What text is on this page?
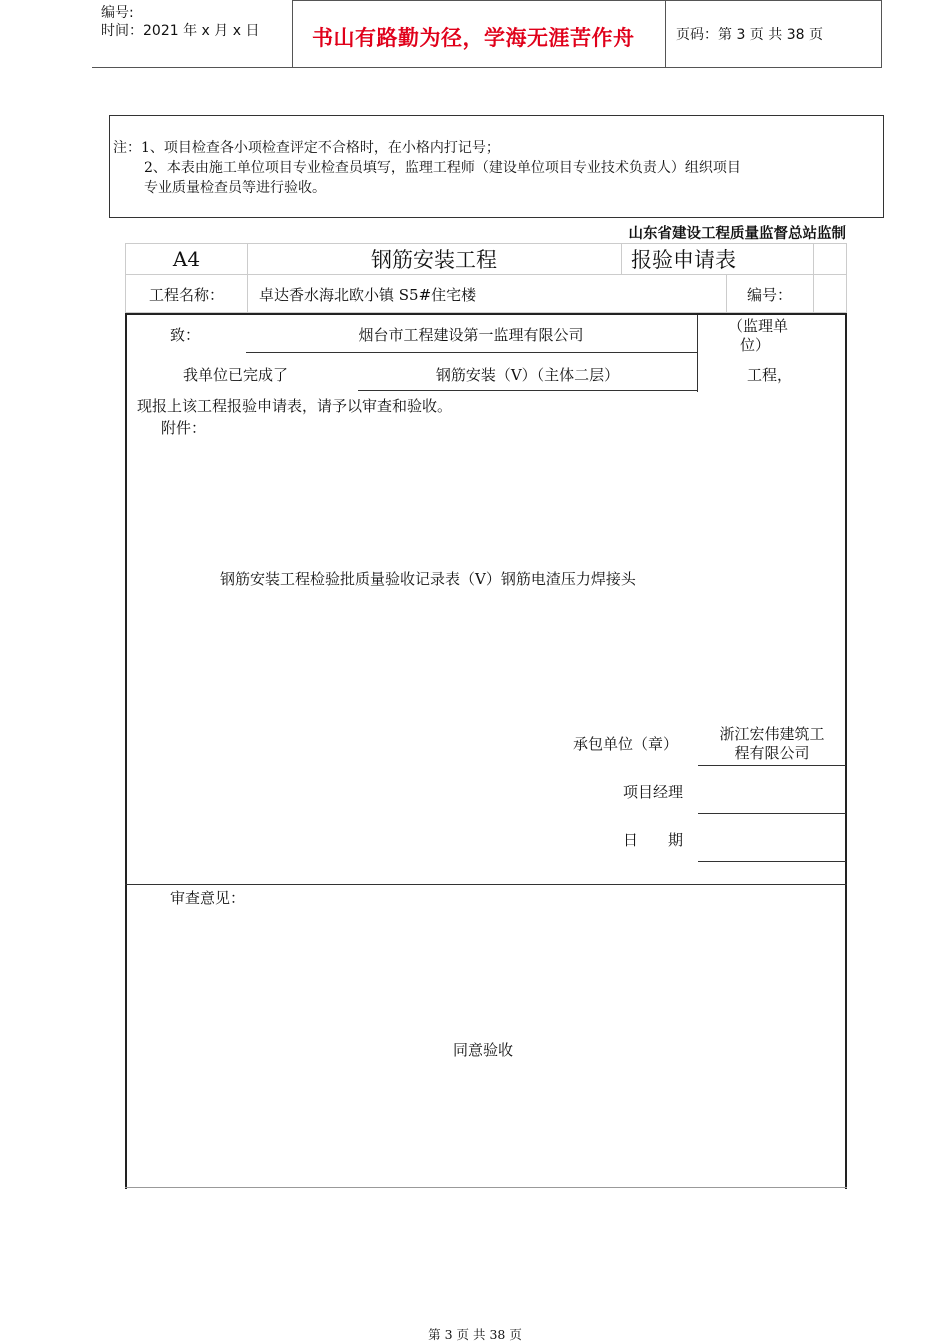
编号:
时间：2021 年 x 月 x 日	书山有路勤为径，学海无涯苦作舟	页码：第 3 页 共 38 页
注：1、项目检查各小项检查评定不合格时，在小格内打记号；
2、本表由施工单位项目专业检查员填写，监理工程师（建设单位项目专业技术负责人）组织项目
专业质量检查员等进行验收。
山东省建设工程质量监督总站监制
A4	钢筋安装工程	报验申请表
工程名称：	卓达香水海北欧小镇 S5#住宅楼	编号：
致：	烟台市工程建设第一监理有限公司	（监理单
位）
我单位已完成了	钢筋安装（Ⅴ）（主体二层）	工程，
现报上该工程报验申请表，请予以审查和验收。
附件：
钢筋安装工程检验批质量验收记录表（Ⅴ）钢筋电渣压力焊接头
承包单位（章）
浙江宏伟建筑工
程有限公司
项目经理
日　　期
审查意见：
同意验收
第 3 页 共 38 页
